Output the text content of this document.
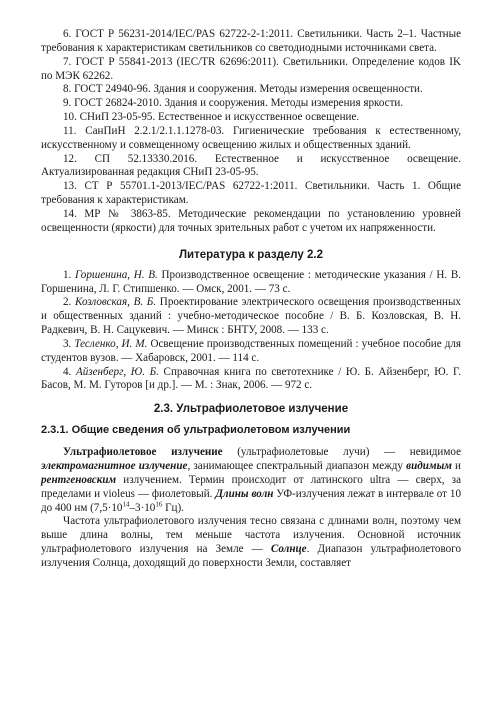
6. ГОСТ Р 56231-2014/IEC/PAS 62722-2-1:2011. Светильники. Часть 2–1. Частные требования к характеристикам светильников со светодиодными источниками света.

7. ГОСТ Р 55841-2013 (IEC/TR 62696:2011). Светильники. Определение кодов IK по МЭК 62262.

8. ГОСТ 24940-96. Здания и сооружения. Методы измерения освещенности.

9. ГОСТ 26824-2010. Здания и сооружения. Методы измерения яркости.

10. СНиП 23-05-95. Естественное и искусственное освещение.

11. СанПиН 2.2.1/2.1.1.1278-03. Гигиенические требования к естественному, искусственному и совмещенному освещению жилых и общественных зданий.

12. СП 52.13330.2016. Естественное и искусственное освещение. Актуализированная редакция СНиП 23-05-95.

13. СТ Р 55701.1-2013/IEC/PAS 62722-1:2011. Светильники. Часть 1. Общие требования к характеристикам.

14. МР № 3863-85. Методические рекомендации по установлению уровней освещенности (яркости) для точных зрительных работ с учетом их напряженности.

Литература к разделу 2.2

1. Горшенина, Н. В. Производственное освещение : методические указания / Н. В. Горшенина, Л. Г. Стипшенко. — Омск, 2001. — 73 с.

2. Козловская, В. Б. Проектирование электрического освещения производственных и общественных зданий : учебно-методическое пособие / В. Б. Козловская, В. Н. Радкевич, В. Н. Сацукевич. — Минск : БНТУ, 2008. — 133 с.

3. Тесленко, И. М. Освещение производственных помещений : учебное пособие для студентов вузов. — Хабаровск, 2001. — 114 с.

4. Айзенберг, Ю. Б. Справочная книга по светотехнике / Ю. Б. Айзенберг, Ю. Г. Басов, М. М. Гуторов [и др.]. — М. : Знак, 2006. — 972 с.

2.3. Ультрафиолетовое излучение
2.3.1. Общие сведения об ультрафиолетовом излучении

Ультрафиолетовое излучение (ультрафиолетовые лучи) — невидимое электромагнитное излучение, занимающее спектральный диапазон между видимым и рентгеновским излучением. Термин происходит от латинского ultra — сверх, за пределами и violeus — фиолетовый. Длины волн УФ-излучения лежат в интервале от 10 до 400 нм ($7,5\cdot 10^{14}-3\cdot 10^{16}$ Гц).

Частота ультрафиолетового излучения тесно связана с длинами волн, поэтому чем выше длина волны, тем меньше частота излучения. Основной источник ультрафиолетового излучения на Земле — Солнце. Диапазон ультрафиолетового излучения Солнца, доходящий до поверхности Земли, составляет
